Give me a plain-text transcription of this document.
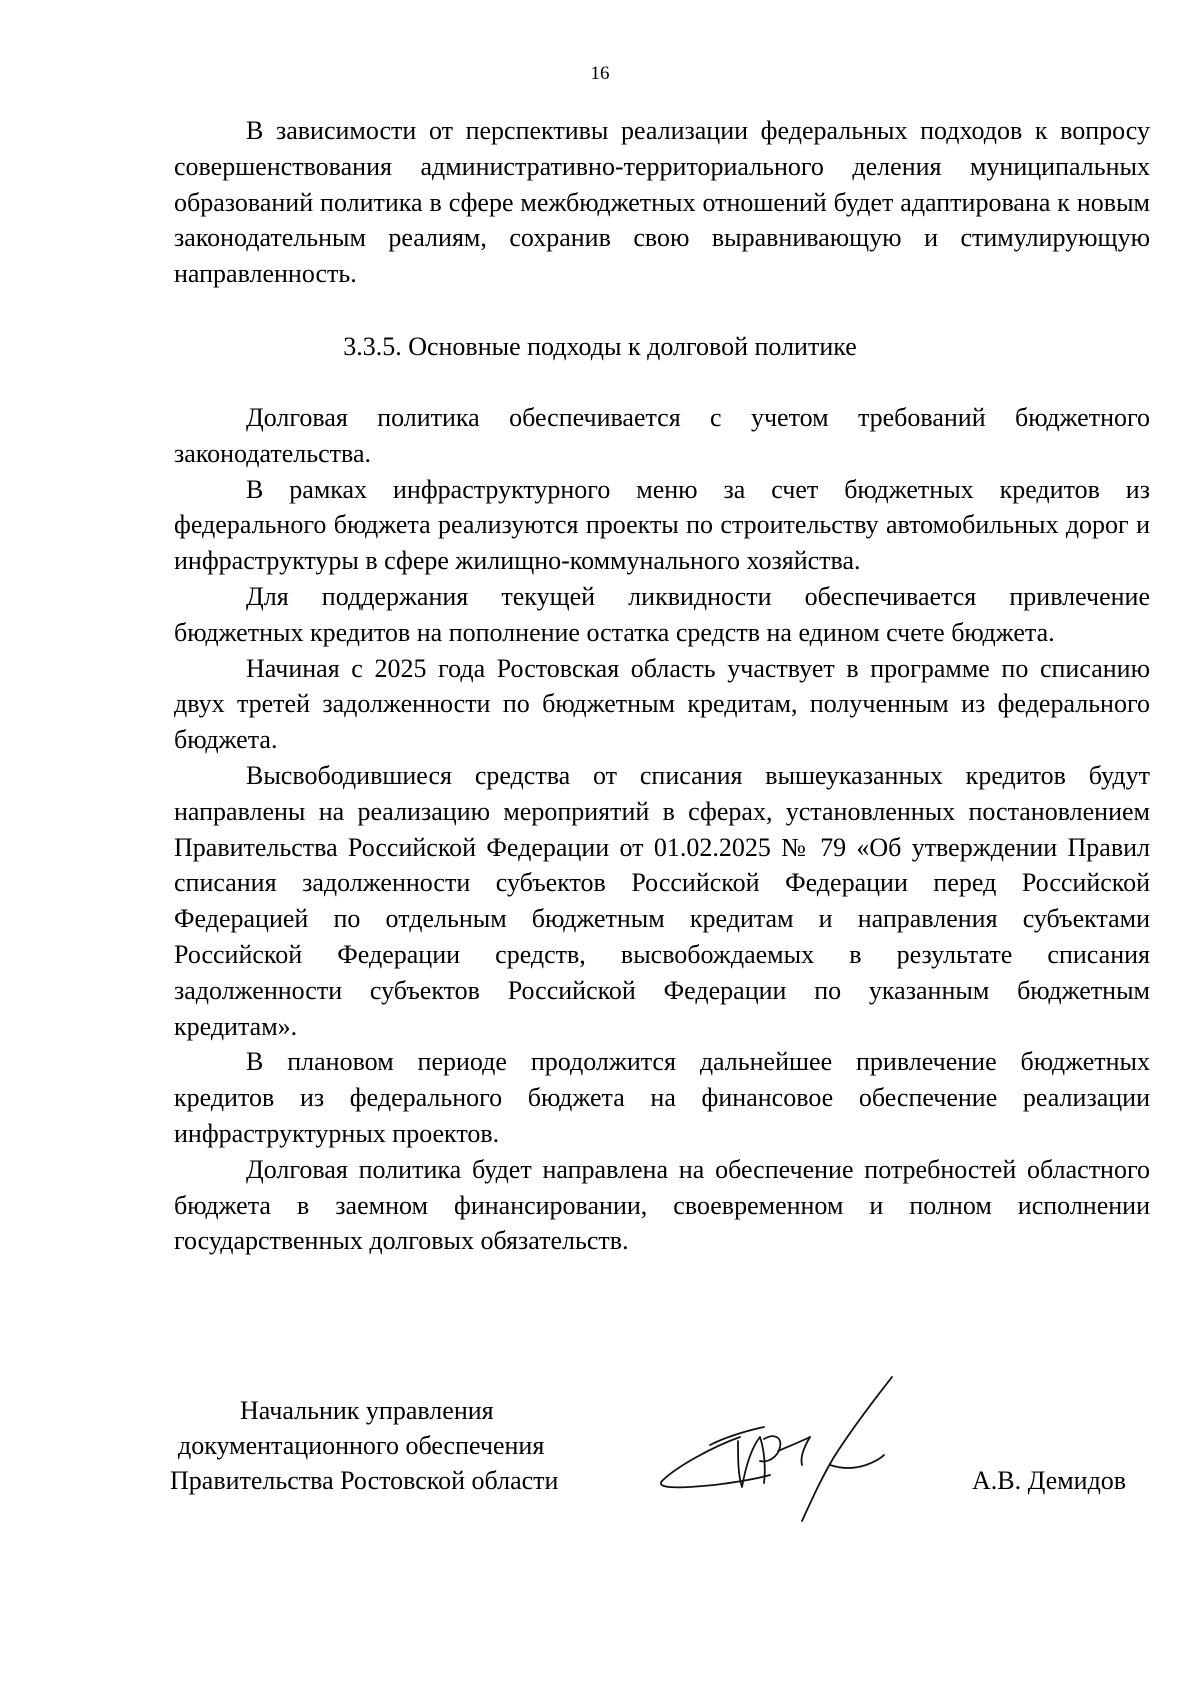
16

В зависимости от перспективы реализации федеральных подходов к вопросу совершенствования административно-территориального деления муниципальных образований политика в сфере межбюджетных отношений будет адаптирована к новым законодательным реалиям, сохранив свою выравнивающую и стимулирующую направленность.

3.3.5. Основные подходы к долговой политике

Долговая политика обеспечивается с учетом требований бюджетного законодательства.

В рамках инфраструктурного меню за счет бюджетных кредитов из федерального бюджета реализуются проекты по строительству автомобильных дорог и инфраструктуры в сфере жилищно-коммунального хозяйства.

Для поддержания текущей ликвидности обеспечивается привлечение бюджетных кредитов на пополнение остатка средств на едином счете бюджета.

Начиная с 2025 года Ростовская область участвует в программе по списанию двух третей задолженности по бюджетным кредитам, полученным из федерального бюджета.

Высвободившиеся средства от списания вышеуказанных кредитов будут направлены на реализацию мероприятий в сферах, установленных постановлением Правительства Российской Федерации от 01.02.2025 № 79 «Об утверждении Правил списания задолженности субъектов Российской Федерации перед Российской Федерацией по отдельным бюджетным кредитам и направления субъектами Российской Федерации средств, высвобождаемых в результате списания задолженности субъектов Российской Федерации по указанным бюджетным кредитам».

В плановом периоде продолжится дальнейшее привлечение бюджетных кредитов из федерального бюджета на финансовое обеспечение реализации инфраструктурных проектов.

Долговая политика будет направлена на обеспечение потребностей областного бюджета в заемном финансировании, своевременном и полном исполнении государственных долговых обязательств.

Начальник управления
документационного обеспечения
Правительства Ростовской области	А.В. Демидов
